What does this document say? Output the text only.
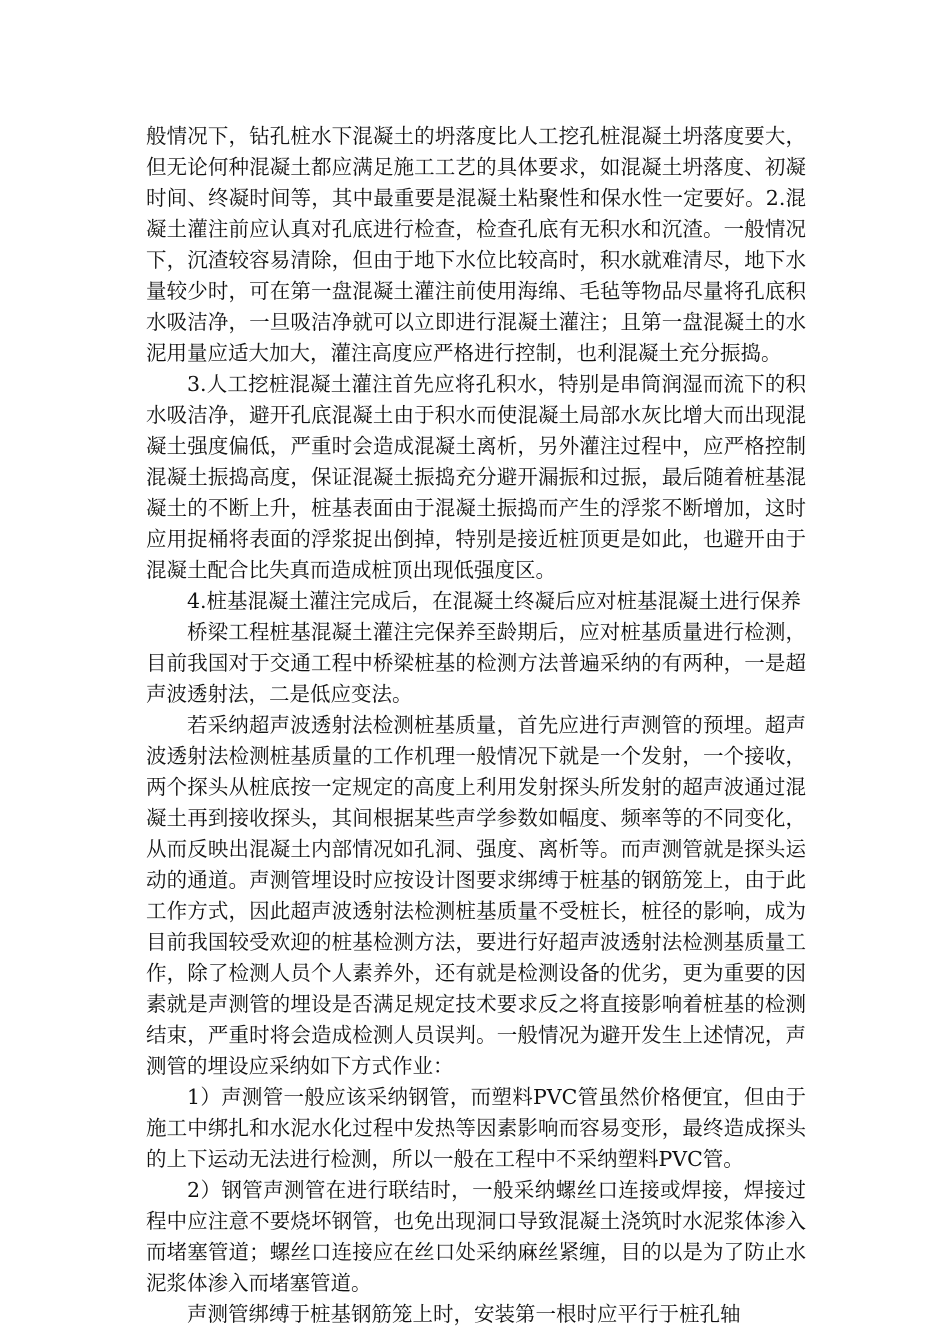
般情况下，钻孔桩水下混凝土的坍落度比人工挖孔桩混凝土坍落度要大，但无论何种混凝土都应满足施工工艺的具体要求，如混凝土坍落度、初凝时间、终凝时间等，其中最重要是混凝土粘聚性和保水性一定要好。2.混凝土灌注前应认真对孔底进行检查，检查孔底有无积水和沉渣。一般情况下，沉渣较容易清除，但由于地下水位比较高时，积水就难清尽，地下水量较少时，可在第一盘混凝土灌注前使用海绵、毛毡等物品尽量将孔底积水吸洁净，一旦吸洁净就可以立即进行混凝土灌注；且第一盘混凝土的水泥用量应适大加大，灌注高度应严格进行控制，也利混凝土充分振捣。

3.人工挖桩混凝土灌注首先应将孔积水，特别是串筒润湿而流下的积水吸洁净，避开孔底混凝土由于积水而使混凝土局部水灰比增大而出现混凝土强度偏低，严重时会造成混凝土离析，另外灌注过程中，应严格控制混凝土振捣高度，保证混凝土振捣充分避开漏振和过振，最后随着桩基混凝土的不断上升，桩基表面由于混凝土振捣而产生的浮浆不断增加，这时应用捉桶将表面的浮浆捉出倒掉，特别是接近桩顶更是如此，也避开由于混凝土配合比失真而造成桩顶出现低强度区。

4.桩基混凝土灌注完成后，在混凝土终凝后应对桩基混凝土进行保养

桥梁工程桩基混凝土灌注完保养至龄期后，应对桩基质量进行检测，目前我国对于交通工程中桥梁桩基的检测方法普遍采纳的有两种，一是超声波透射法，二是低应变法。

若采纳超声波透射法检测桩基质量，首先应进行声测管的预埋。超声波透射法检测桩基质量的工作机理一般情况下就是一个发射，一个接收，两个探头从桩底按一定规定的高度上利用发射探头所发射的超声波通过混凝土再到接收探头，其间根据某些声学参数如幅度、频率等的不同变化，从而反映出混凝土内部情况如孔洞、强度、离析等。而声测管就是探头运动的通道。声测管埋设时应按设计图要求绑缚于桩基的钢筋笼上，由于此工作方式，因此超声波透射法检测桩基质量不受桩长，桩径的影响，成为目前我国较受欢迎的桩基检测方法，要进行好超声波透射法检测基质量工作，除了检测人员个人素养外，还有就是检测设备的优劣，更为重要的因素就是声测管的埋设是否满足规定技术要求反之将直接影响着桩基的检测结束，严重时将会造成检测人员误判。一般情况为避开发生上述情况，声测管的埋设应采纳如下方式作业：

1）声测管一般应该采纳钢管，而塑料PVC管虽然价格便宜，但由于施工中绑扎和水泥水化过程中发热等因素影响而容易变形，最终造成探头的上下运动无法进行检测，所以一般在工程中不采纳塑料PVC管。

2）钢管声测管在进行联结时，一般采纳螺丝口连接或焊接，焊接过程中应注意不要烧坏钢管，也免出现洞口导致混凝土浇筑时水泥浆体渗入而堵塞管道；螺丝口连接应在丝口处采纳麻丝紧缠，目的以是为了防止水泥浆体渗入而堵塞管道。

声测管绑缚于桩基钢筋笼上时，安装第一根时应平行于桩孔轴
